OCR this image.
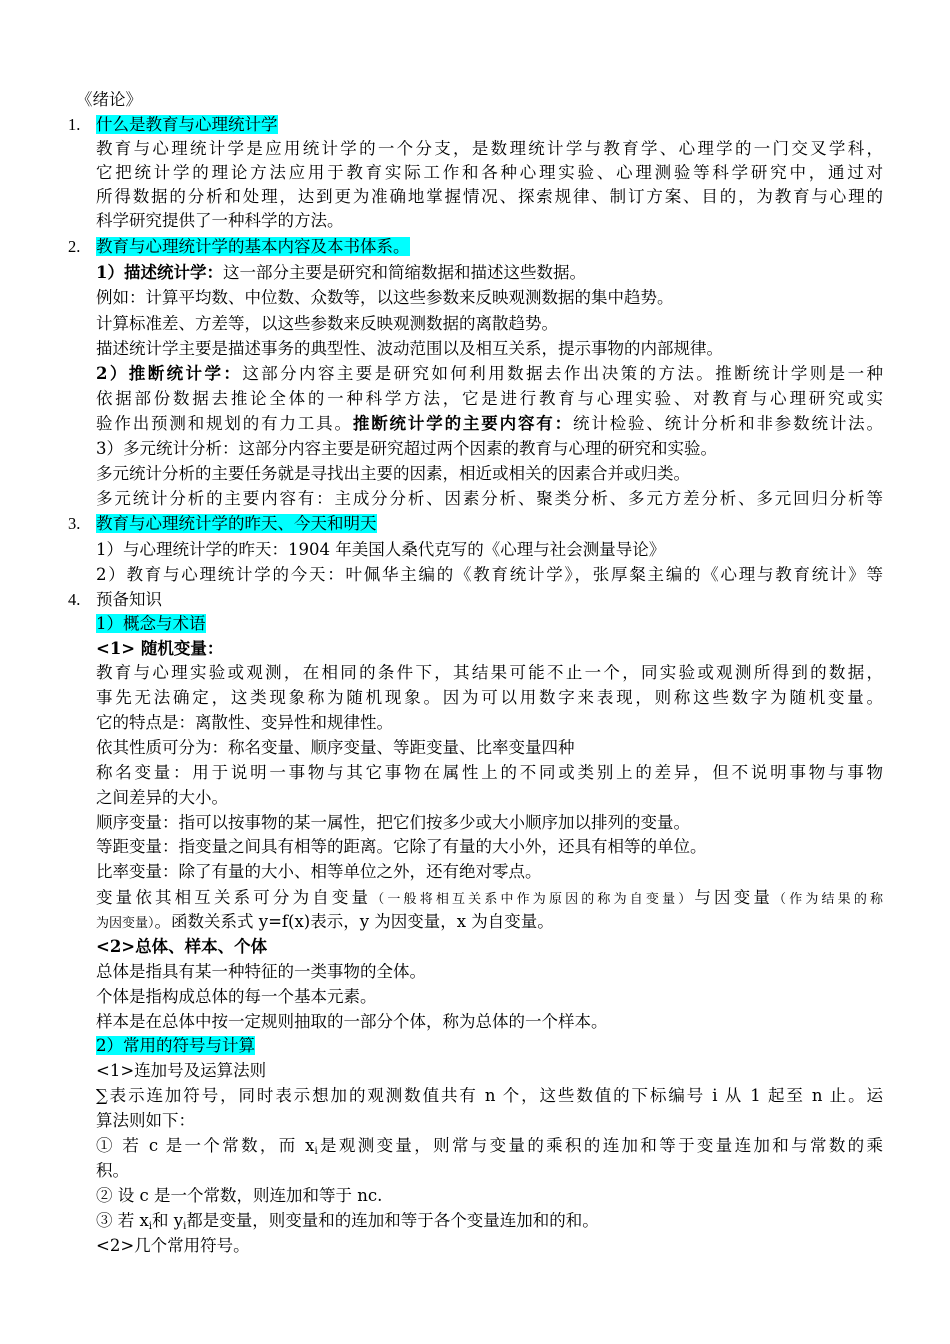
《绪论》
1. 什么是教育与心理统计学
教育与心理统计学是应用统计学的一个分支，是数理统计学与教育学、心理学的一门交叉学科，
它把统计学的理论方法应用于教育实际工作和各种心理实验、心理测验等科学研究中，通过对
所得数据的分析和处理，达到更为准确地掌握情况、探索规律、制订方案、目的，为教育与心理的
科学研究提供了一种科学的方法。
2. 教育与心理统计学的基本内容及本书体系。
1）描述统计学：这一部分主要是研究和简缩数据和描述这些数据。
例如：计算平均数、中位数、众数等，以这些参数来反映观测数据的集中趋势。
计算标准差、方差等，以这些参数来反映观测数据的离散趋势。
描述统计学主要是描述事务的典型性、波动范围以及相互关系，提示事物的内部规律。
2）推断统计学：这部分内容主要是研究如何利用数据去作出决策的方法。推断统计学则是一种
依据部份数据去推论全体的一种科学方法，它是进行教育与心理实验、对教育与心理研究或实
验作出预测和规划的有力工具。推断统计学的主要内容有：统计检验、统计分析和非参数统计法。
3）多元统计分析：这部分内容主要是研究超过两个因素的教育与心理的研究和实验。
多元统计分析的主要任务就是寻找出主要的因素，相近或相关的因素合并或归类。
多元统计分析的主要内容有：主成分分析、因素分析、聚类分析、多元方差分析、多元回归分析等
3. 教育与心理统计学的昨天、今天和明天
1）与心理统计学的昨天：1904 年美国人桑代克写的《心理与社会测量导论》
2）教育与心理统计学的今天：叶佩华主编的《教育统计学》，张厚粲主编的《心理与教育统计》等
4. 预备知识
1）概念与术语
<1> 随机变量：
教育与心理实验或观测，在相同的条件下，其结果可能不止一个，同实验或观测所得到的数据，
事先无法确定，这类现象称为随机现象。因为可以用数字来表现，则称这些数字为随机变量。
它的特点是：离散性、变异性和规律性。
依其性质可分为：称名变量、顺序变量、等距变量、比率变量四种
称名变量：用于说明一事物与其它事物在属性上的不同或类别上的差异，但不说明事物与事物
之间差异的大小。
顺序变量：指可以按事物的某一属性，把它们按多少或大小顺序加以排列的变量。
等距变量：指变量之间具有相等的距离。它除了有量的大小外，还具有相等的单位。
比率变量：除了有量的大小、相等单位之外，还有绝对零点。
变量依其相互关系可分为自变量（一般将相互关系中作为原因的称为自变量）与因变量（作为结果的称
为因变量）。函数关系式 y=f(x)表示，y 为因变量，x 为自变量。
<2>总体、样本、个体
总体是指具有某一种特征的一类事物的全体。
个体是指构成总体的每一个基本元素。
样本是在总体中按一定规则抽取的一部分个体，称为总体的一个样本。
2）常用的符号与计算
<1>连加号及运算法则
∑表示连加符号，同时表示想加的观测数值共有 n 个，这些数值的下标编号 i 从 1 起至 n 止。运
算法则如下：
① 若 c 是一个常数，而 $x_i$是观测变量，则常与变量的乘积的连加和等于变量连加和与常数的乘
积。
② 设 c 是一个常数，则连加和等于 nc.
③ 若 $x_i$和 $y_i$都是变量，则变量和的连加和等于各个变量连加和的和。
<2>几个常用符号。
